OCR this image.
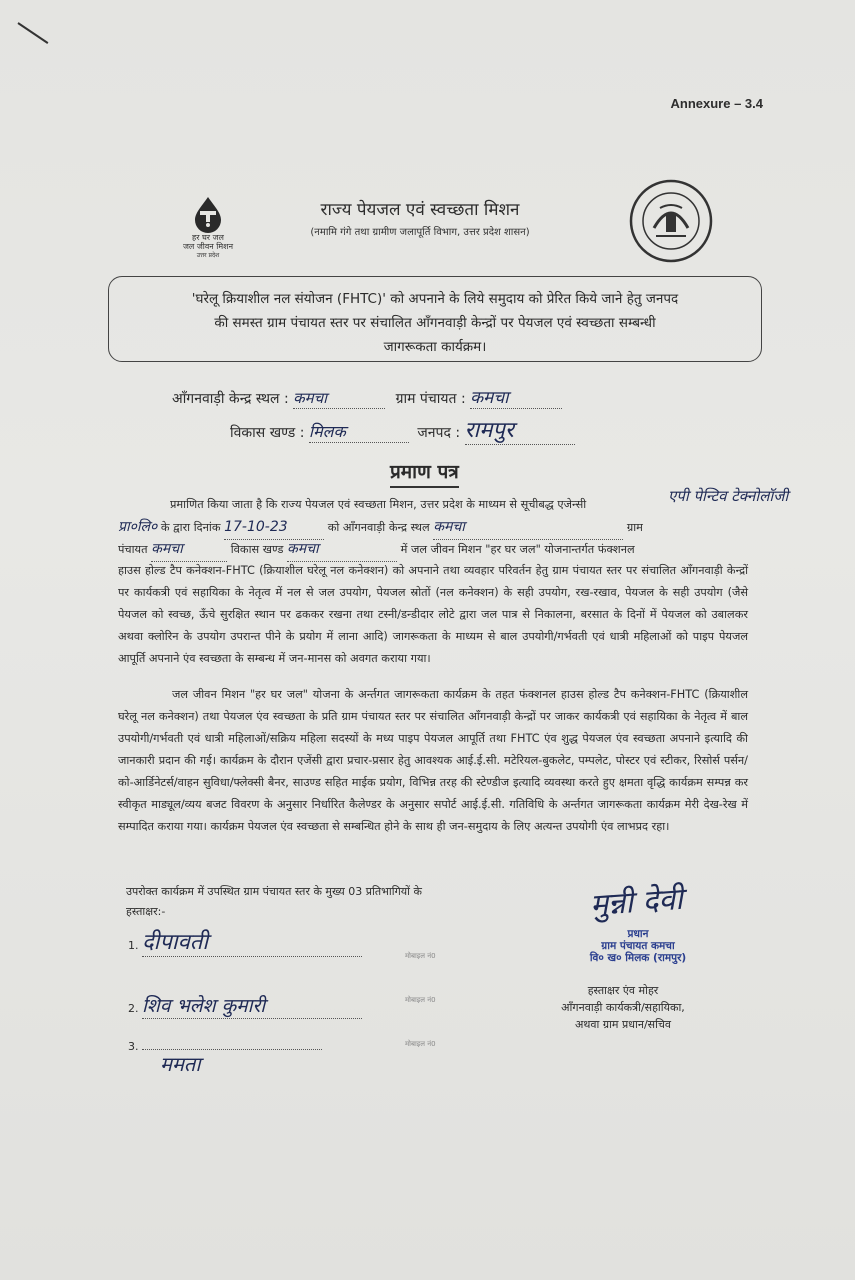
Annexure – 3.4
हर घर जल
जल जीवन मिशन
उत्तर प्रदेश
राज्य पेयजल एवं स्वच्छता मिशन
(नमामि गंगे तथा ग्रामीण जलापूर्ति विभाग, उत्तर प्रदेश शासन)
'घरेलू क्रियाशील नल संयोजन (FHTC)' को अपनाने के लिये समुदाय को प्रेरित किये जाने हेतु जनपद
की समस्त ग्राम पंचायत स्तर पर संचालित आँगनवाड़ी केन्द्रों पर पेयजल एवं स्वच्छता सम्बन्धी
जागरूकता कार्यक्रम।
आँगनवाड़ी केन्द्र स्थल : कमचा	ग्राम पंचायत : कमचा
विकास खण्ड : मिलक	जनपद : रामपुर
प्रमाण पत्र
प्रमाणित किया जाता है कि राज्य पेयजल एवं स्वच्छता मिशन, उत्तर प्रदेश के माध्यम से सूचीबद्ध एजेन्सी	एपी पेन्टिव टेक्नोलॉजी
प्रा०लि० के द्वारा दिनांक 17-10-23	को आँगनवाड़ी केन्द्र स्थल कमचा	ग्राम
पंचायत कमचा	विकास खण्ड कमचा	में जल जीवन मिशन "हर घर जल" योजनान्तर्गत फंक्शनल
हाउस होल्ड टैप कनेक्शन-FHTC (क्रियाशील घरेलू नल कनेक्शन) को अपनाने तथा व्यवहार परिवर्तन हेतु ग्राम पंचायत स्तर पर संचालित आँगनवाड़ी केन्द्रों पर कार्यकत्री एवं सहायिका के नेतृत्व में नल से जल उपयोग, पेयजल स्रोतों (नल कनेक्शन) के सही उपयोग, रख-रखाव, पेयजल के सही उपयोग (जैसे पेयजल को स्वच्छ, ऊँचे सुरक्षित स्थान पर ढककर रखना तथा टस्नी/डन्डीदार लोटे द्वारा जल पात्र से निकालना, बरसात के दिनों में पेयजल को उबालकर अथवा क्लोरिन के उपयोग उपरान्त पीने के प्रयोग में लाना आदि) जागरूकता के माध्यम से बाल उपयोगी/गर्भवती एवं धात्री महिलाओं को पाइप पेयजल आपूर्ति अपनाने एंव स्वच्छता के सम्बन्ध में जन-मानस को अवगत कराया गया।
जल जीवन मिशन "हर घर जल" योजना के अर्न्तगत जागरूकता कार्यक्रम के तहत फंक्शनल हाउस होल्ड टैप कनेक्शन-FHTC (क्रियाशील घरेलू नल कनेक्शन) तथा पेयजल एंव स्वच्छता के प्रति ग्राम पंचायत स्तर पर संचालित आँगनवाड़ी केन्द्रों पर जाकर कार्यकत्री एवं सहायिका के नेतृत्व में बाल उपयोगी/गर्भवती एवं धात्री महिलाओं/सक्रिय महिला सदस्यों के मध्य पाइप पेयजल आपूर्ति तथा FHTC एंव शुद्ध पेयजल एंव स्वच्छता अपनाने इत्यादि की जानकारी प्रदान की गई। कार्यक्रम के दौरान एजेंसी द्वारा प्रचार-प्रसार हेतु आवश्यक आई.ई.सी. मटेरियल-बुकलेट, पम्पलेट, पोस्टर एवं स्टीकर, रिसोर्स पर्सन/को-आर्डिनेटर्स/वाहन सुविधा/फ्लेक्सी बैनर, साउण्ड सहित माईक प्रयोग, विभिन्न तरह की स्टेण्डीज इत्यादि व्यवस्था करते हुए क्षमता वृद्धि कार्यक्रम सम्पन्न कर स्वीकृत माड्यूल/व्यय बजट विवरण के अनुसार निर्धारित कैलेण्डर के अनुसार सपोर्ट आई.ई.सी. गतिविधि के अर्न्तगत जागरूकता कार्यक्रम मेरी देख-रेख में सम्पादित कराया गया। कार्यक्रम पेयजल एंव स्वच्छता से सम्बन्धित होने के साथ ही जन-समुदाय के लिए अत्यन्त उपयोगी एंव लाभप्रद रहा।
उपरोक्त कार्यक्रम में उपस्थित ग्राम पंचायत स्तर के मुख्य 03 प्रतिभागियों के
हस्ताक्षर:-
1. दीपावती
मोबाइल नं0
2. शिव भलेश कुमारी	मोबाइल नं0
3.
ममता
मोबाइल नं0
मुन्नी देवी
प्रधान
ग्राम पंचायत कमचा
वि० ख० मिलक (रामपुर)
हस्ताक्षर एंव मोहर
आँगनवाड़ी कार्यकत्री/सहायिका,
अथवा ग्राम प्रधान/सचिव
